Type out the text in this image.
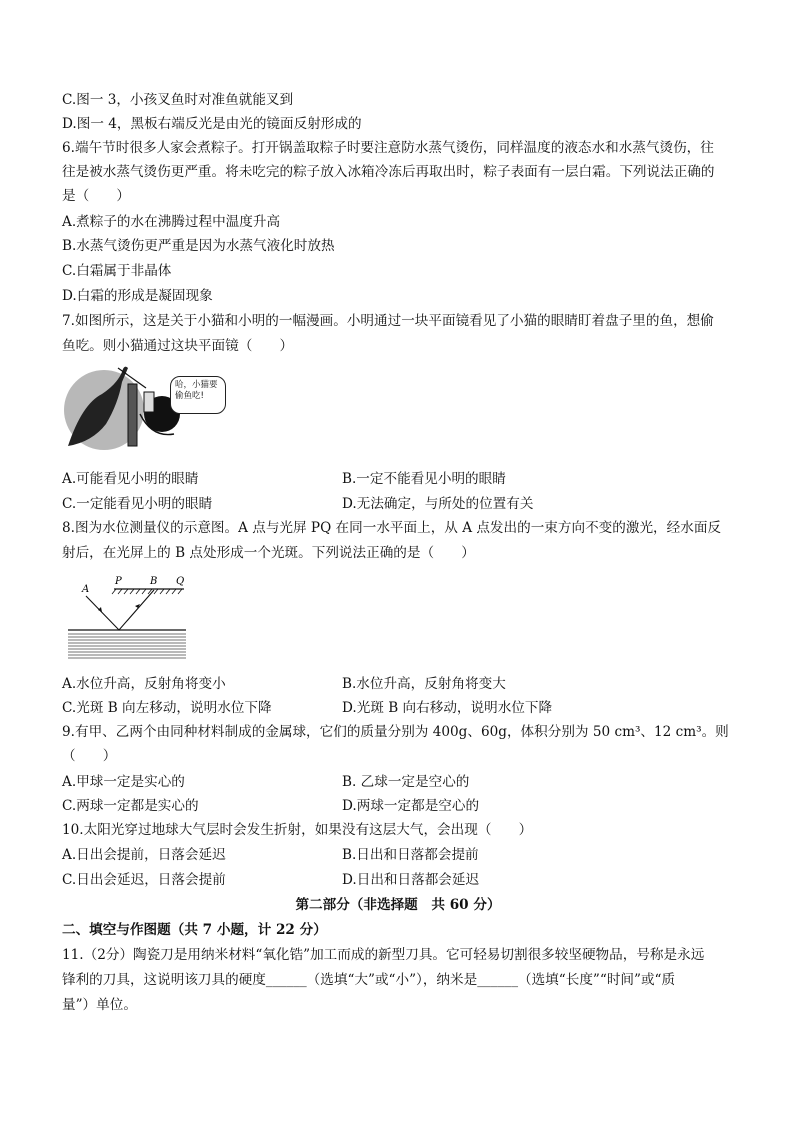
C.图一 3，小孩叉鱼时对准鱼就能叉到
D.图一 4，黑板右端反光是由光的镜面反射形成的
6.端午节时很多人家会煮粽子。打开锅盖取粽子时要注意防水蒸气烫伤，同样温度的液态水和水蒸气烫伤，往
往是被水蒸气烫伤更严重。将未吃完的粽子放入冰箱冷冻后再取出时，粽子表面有一层白霜。下列说法正确的
是（　　）
A.煮粽子的水在沸腾过程中温度升高
B.水蒸气烫伤更严重是因为水蒸气液化时放热
C.白霜属于非晶体
D.白霜的形成是凝固现象
7.如图所示，这是关于小猫和小明的一幅漫画。小明通过一块平面镜看见了小猫的眼睛盯着盘子里的鱼，想偷
鱼吃。则小猫通过这块平面镜（　　）
哈，小猫要偷鱼吃!
A.可能看见小明的眼睛	B.一定不能看见小明的眼睛
C.一定能看见小明的眼睛	D.无法确定，与所处的位置有关
8.图为水位测量仪的示意图。A 点与光屏 PQ 在同一水平面上，从 A 点发出的一束方向不变的激光，经水面反
射后，在光屏上的 B 点处形成一个光斑。下列说法正确的是（　　）
A
P	B Q
A.水位升高，反射角将变小	B.水位升高，反射角将变大
C.光斑 B 向左移动，说明水位下降	D.光斑 B 向右移动，说明水位下降
9.有甲、乙两个由同种材料制成的金属球，它们的质量分别为 400g、60g，体积分别为 50 cm³、12 cm³。则
（　　）
A.甲球一定是实心的	B. 乙球一定是空心的
C.两球一定都是实心的	D.两球一定都是空心的
10.太阳光穿过地球大气层时会发生折射，如果没有这层大气，会出现（　　）
A.日出会提前，日落会延迟	B.日出和日落都会提前
C.日出会延迟，日落会提前	D.日出和日落都会延迟
第二部分（非选择题　共 60 分）
二、填空与作图题（共 7 小题，计 22 分）
11.（2分）陶瓷刀是用纳米材料“氧化锆”加工而成的新型刀具。它可轻易切割很多较坚硬物品，号称是永远
锋利的刀具，这说明该刀具的硬度______（选填“大”或“小”），纳米是______（选填“长度”“时间”或“质
量”）单位。
